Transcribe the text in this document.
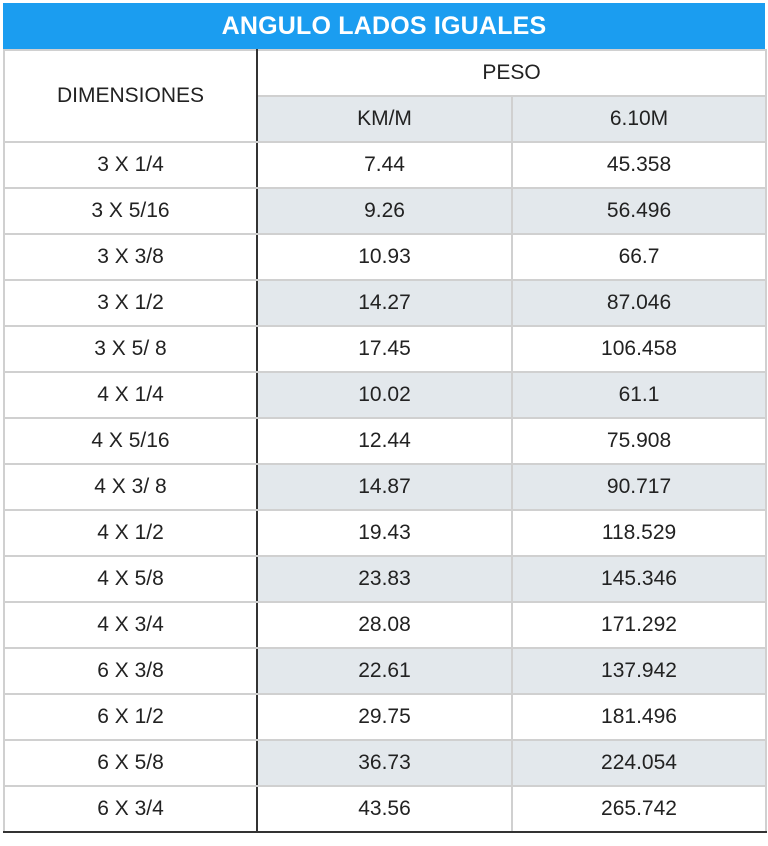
ANGULO LADOS IGUALES
DIMENSIONES	PESO	
	KM/M	6.10M
3 X 1/4	7.44	45.358
3 X 5/16	9.26	56.496
3 X 3/8	10.93	66.7
3 X 1/2	14.27	87.046
3 X 5/ 8	17.45	106.458
4 X 1/4	10.02	61.1
4 X 5/16	12.44	75.908
4 X 3/ 8	14.87	90.717
4 X 1/2	19.43	118.529
4 X 5/8	23.83	145.346
4 X 3/4	28.08	171.292
6 X 3/8	22.61	137.942
6 X 1/2	29.75	181.496
6 X 5/8	36.73	224.054
6 X 3/4	43.56	265.742
